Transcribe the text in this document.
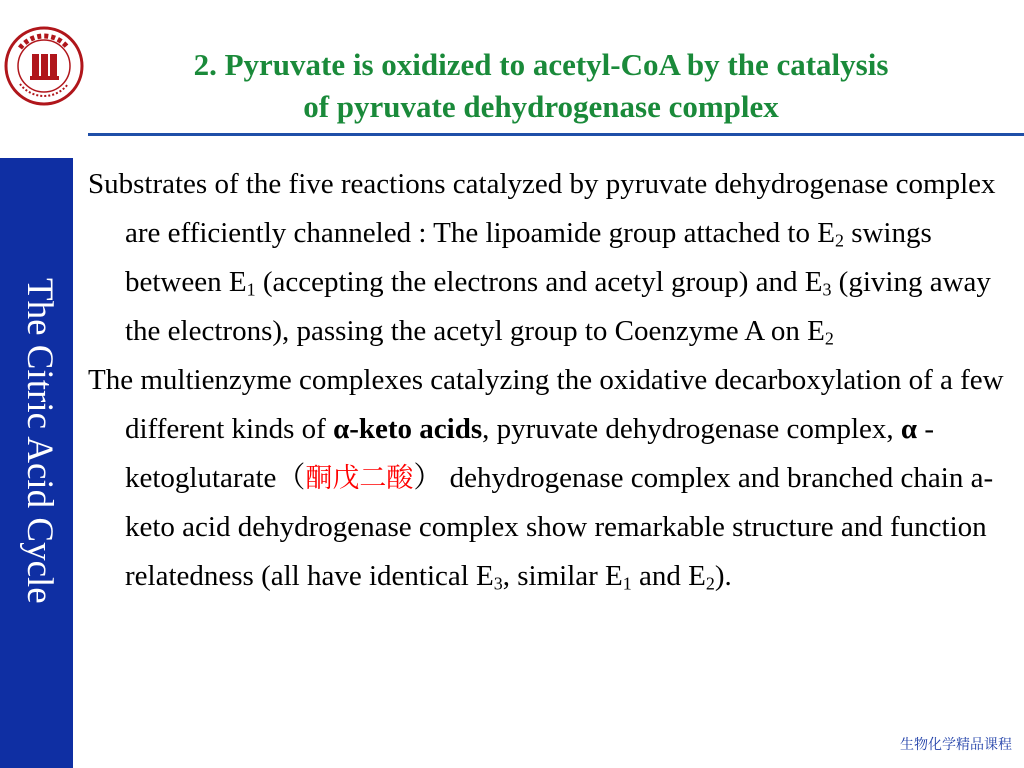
2. Pyruvate is oxidized to acetyl-CoA by the catalysis
of pyruvate dehydrogenase complex
The Citric Acid Cycle

Substrates of the five reactions catalyzed by pyruvate dehydrogenase complex are efficiently channeled : The lipoamide group attached to $E_2$ swings between $E_1$ (accepting the electrons and acetyl group) and $E_3$ (giving away the electrons), passing the acetyl group to Coenzyme A on $E_2$

The multienzyme complexes catalyzing the oxidative decarboxylation of a few different kinds of α-keto acids, pyruvate dehydrogenase complex, α -ketoglutarate（酮戊二酸） dehydrogenase complex and branched chain a-keto acid dehydrogenase complex show remarkable structure and function relatedness (all have identical $E_3$, similar $E_1$ and $E_2$).

生物化学精品课程
